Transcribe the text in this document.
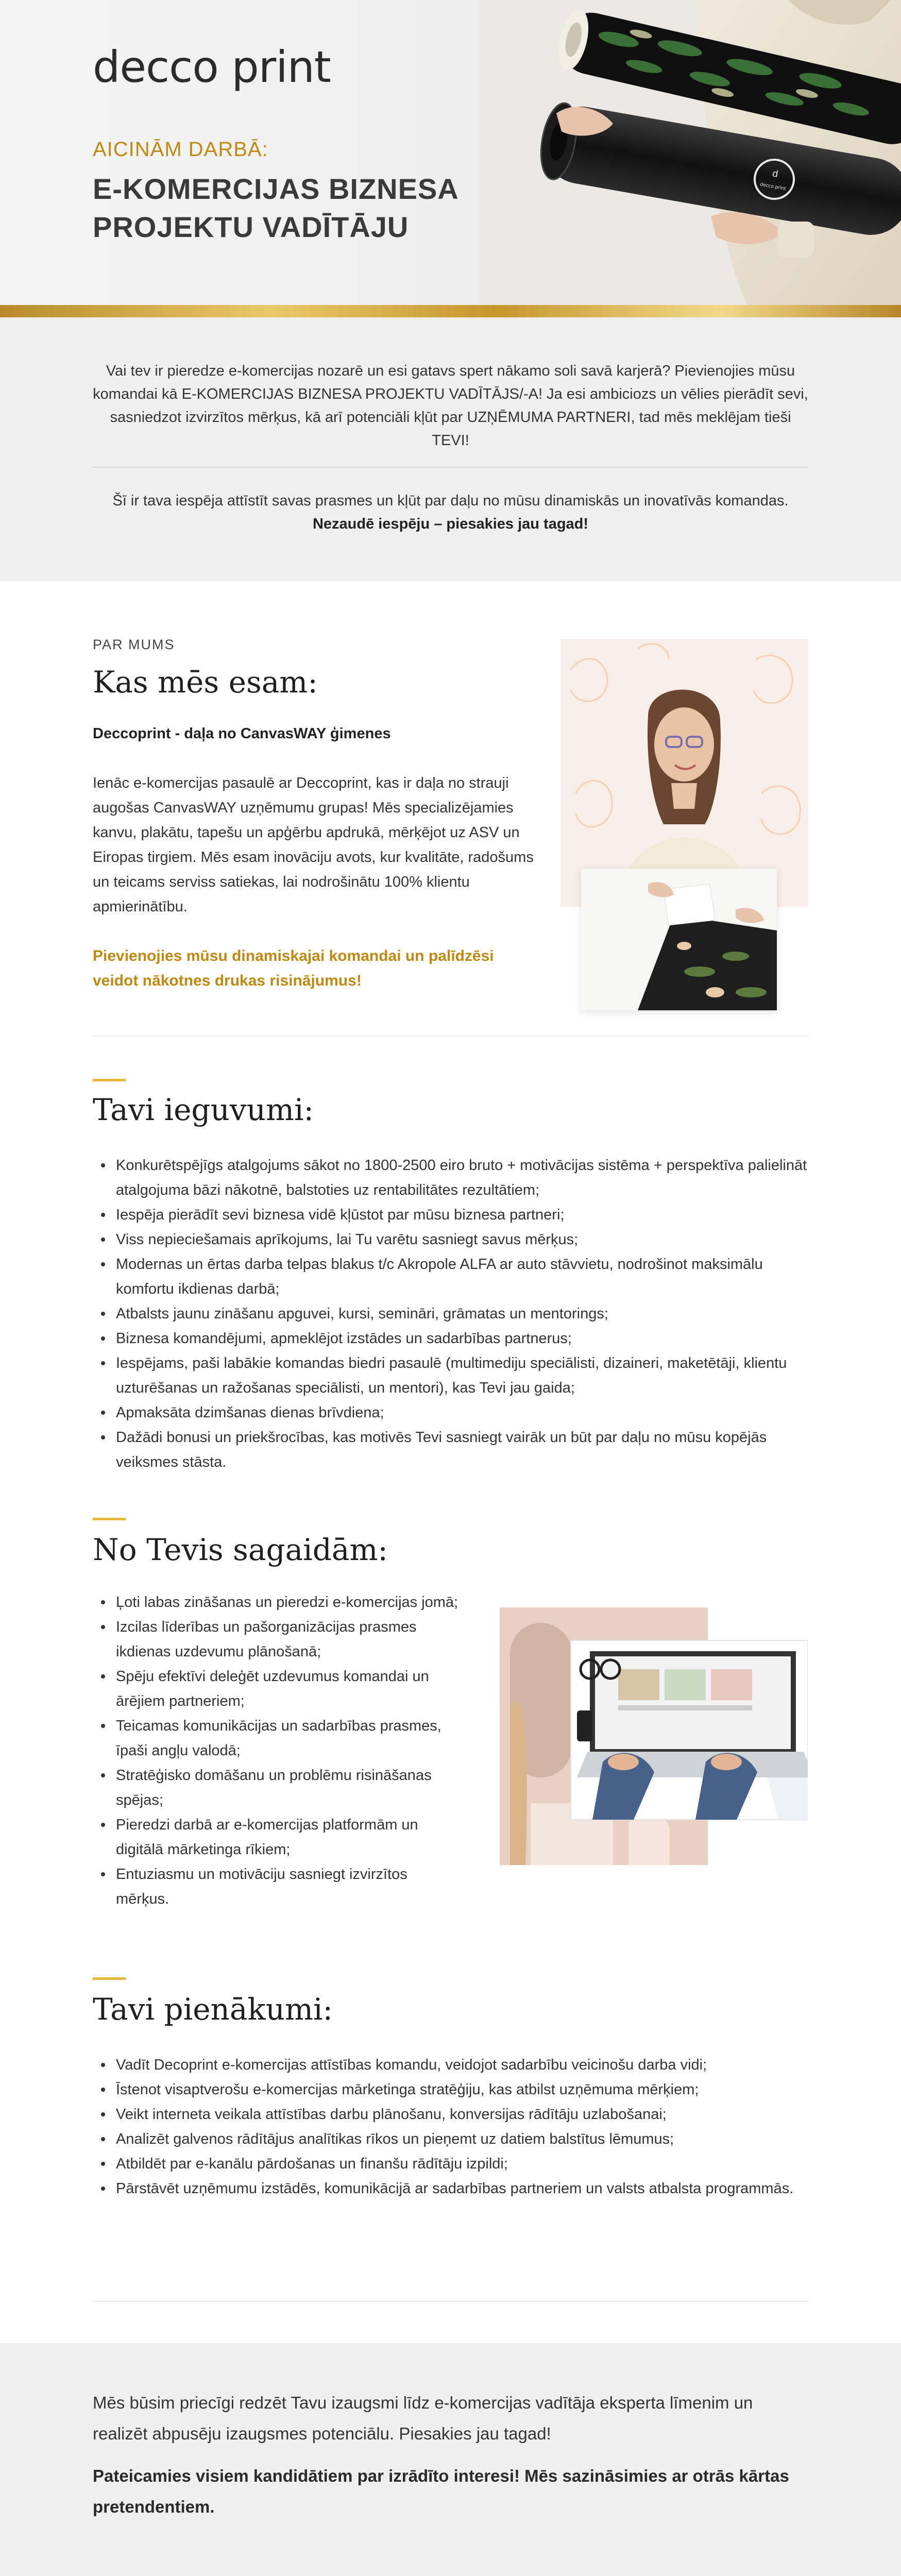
decco print
AICINĀM DARBĀ:
E-KOMERCIJAS BIZNESA
PROJEKTU VADĪTĀJU
d
decco print

Vai tev ir pieredze e-komercijas nozarē un esi gatavs spert nākamo soli savā karjerā? Pievienojies mūsu komandai kā E-KOMERCIJAS BIZNESA PROJEKTU VADĪTĀJS/-A! Ja esi ambiciozs un vēlies pierādīt sevi, sasniedzot izvirzītos mērķus, kā arī potenciāli kļūt par UZŅĒMUMA PARTNERI, tad mēs meklējam tieši TEVI!

Šī ir tava iespēja attīstīt savas prasmes un kļūt par daļu no mūsu dinamiskās un inovatīvās komandas. Nezaudē iespēju – piesakies jau tagad!

PAR MUMS
Kas mēs esam:
Deccoprint - daļa no CanvasWAY ģimenes

Ienāc e-komercijas pasaulē ar Deccoprint, kas ir daļa no strauji augošas CanvasWAY uzņēmumu grupas! Mēs specializējamies kanvu, plakātu, tapešu un apģērbu apdrukā, mērķējot uz ASV un Eiropas tirgiem. Mēs esam inovāciju avots, kur kvalitāte, radošums un teicams serviss satiekas, lai nodrošinātu 100% klientu apmierinātību.

Pievienojies mūsu dinamiskajai komandai un palīdzēsi veidot nākotnes drukas risinājumus!

Tavi ieguvumi:
Konkurētspējīgs atalgojums sākot no 1800-2500 eiro bruto + motivācijas sistēma + perspektīva palielināt atalgojuma bāzi nākotnē, balstoties uz rentabilitātes rezultātiem;
Iespēja pierādīt sevi biznesa vidē kļūstot par mūsu biznesa partneri;
Viss nepieciešamais aprīkojums, lai Tu varētu sasniegt savus mērķus;
Modernas un ērtas darba telpas blakus t/c Akropole ALFA ar auto stāvvietu, nodrošinot maksimālu komfortu ikdienas darbā;
Atbalsts jaunu zināšanu apguvei, kursi, semināri, grāmatas un mentorings;
Biznesa komandējumi, apmeklējot izstādes un sadarbības partnerus;
Iespējams, paši labākie komandas biedri pasaulē (multimediju speciālisti, dizaineri, maketētāji, klientu uzturēšanas un ražošanas speciālisti, un mentori), kas Tevi jau gaida;
Apmaksāta dzimšanas dienas brīvdiena;
Dažādi bonusi un priekšrocības, kas motivēs Tevi sasniegt vairāk un būt par daļu no mūsu kopējās veiksmes stāsta.
No Tevis sagaidām:
Ļoti labas zināšanas un pieredzi e-komercijas jomā;
Izcilas līderības un pašorganizācijas prasmes ikdienas uzdevumu plānošanā;
Spēju efektīvi deleģēt uzdevumus komandai un ārējiem partneriem;
Teicamas komunikācijas un sadarbības prasmes, īpaši angļu valodā;
Stratēģisko domāšanu un problēmu risināšanas spējas;
Pieredzi darbā ar e-komercijas platformām un digitālā mārketinga rīkiem;
Entuziasmu un motivāciju sasniegt izvirzītos mērķus.
Tavi pienākumi:
Vadīt Decoprint e-komercijas attīstības komandu, veidojot sadarbību veicinošu darba vidi;
Īstenot visaptverošu e-komercijas mārketinga stratēģiju, kas atbilst uzņēmuma mērķiem;
Veikt interneta veikala attīstības darbu plānošanu, konversijas rādītāju uzlabošanai;
Analizēt galvenos rādītājus analītikas rīkos un pieņemt uz datiem balstītus lēmumus;
Atbildēt par e-kanālu pārdošanas un finanšu rādītāju izpildi;
Pārstāvēt uzņēmumu izstādēs, komunikācijā ar sadarbības partneriem un valsts atbalsta programmās.

Mēs būsim priecīgi redzēt Tavu izaugsmi līdz e-komercijas vadītāja eksperta līmenim un realizēt abpusēju izaugsmes potenciālu. Piesakies jau tagad!

Pateicamies visiem kandidātiem par izrādīto interesi! Mēs sazināsimies ar otrās kārtas pretendentiem.
